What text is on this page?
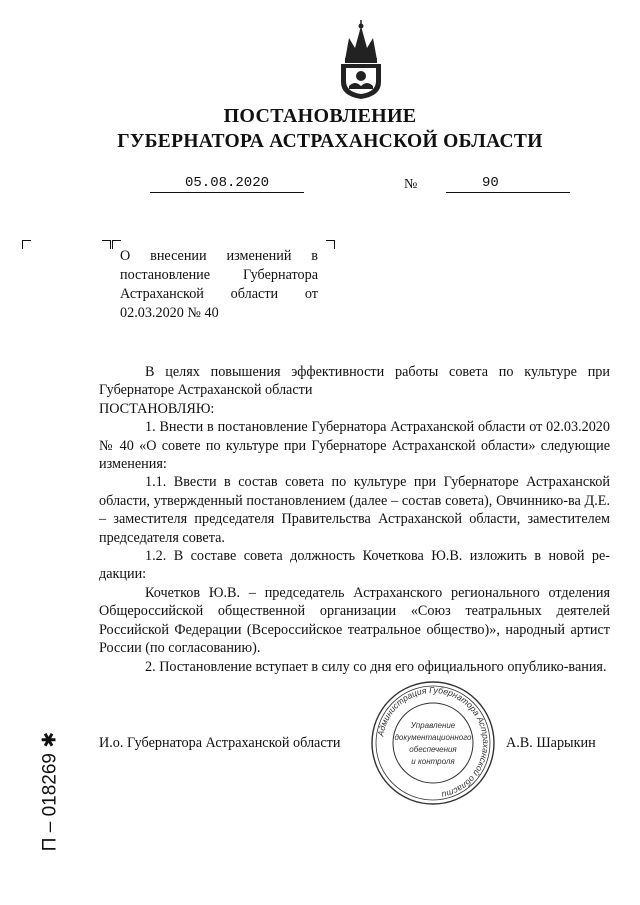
ПОСТАНОВЛЕНИЕ
ГУБЕРНАТОРА АСТРАХАНСКОЙ ОБЛАСТИ
05.08.2020	№	90
О внесении изменений в постановление Губернатора Астраханской области от 02.03.2020 № 40

В целях повышения эффективности работы совета по культуре при Губернаторе Астраханской области

ПОСТАНОВЛЯЮ:

1. Внести в постановление Губернатора Астраханской области от 02.03.2020 № 40 «О совете по культуре при Губернаторе Астраханской области» следующие изменения:

1.1. Ввести в состав совета по культуре при Губернаторе Астраханской области, утвержденный постановлением (далее – состав совета), Овчиннико-ва Д.Е. – заместителя председателя Правительства Астраханской области, заместителем председателя совета.

1.2. В составе совета должность Кочеткова Ю.В. изложить в новой ре-дакции:

Кочетков Ю.В. – председатель Астраханского регионального отделения Общероссийской общественной организации «Союз театральных деятелей Российской Федерации (Всероссийское театральное общество)», народный артист России (по согласованию).

2. Постановление вступает в силу со дня его официального опублико-вания.

И.о. Губернатора Астраханской области	А.В. Шарыкин
Администрация Губернатора Астраханской области
Управление
документационного
обеспечения
и контроля
П – 018269 ✱
